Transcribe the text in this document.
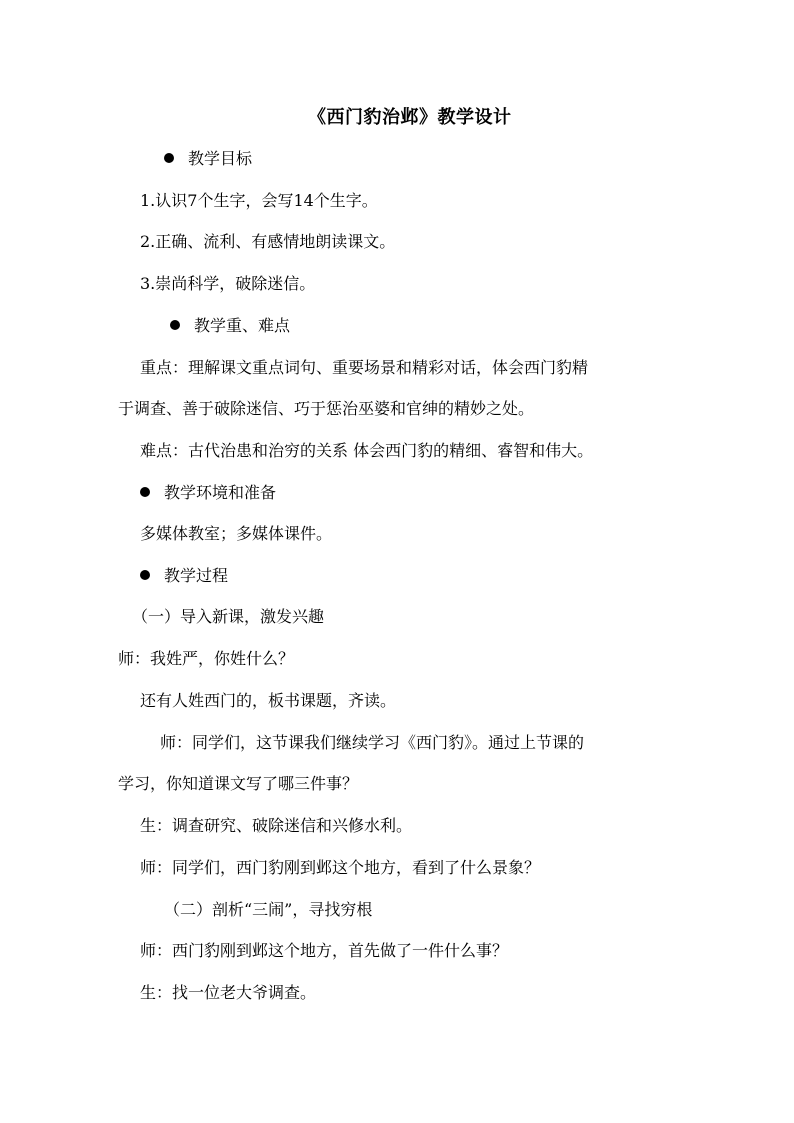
《西门豹治邺》教学设计
教学目标
1.认识7个生字，会写14个生字。
2.正确、流利、有感情地朗读课文。
3.崇尚科学，破除迷信。
教学重、难点
重点：理解课文重点词句、重要场景和精彩对话，体会西门豹精
于调查、善于破除迷信、巧于惩治巫婆和官绅的精妙之处。
难点：古代治患和治穷的关系 体会西门豹的精细、睿智和伟大。
教学环境和准备
多媒体教室；多媒体课件。
教学过程
（一）导入新课，激发兴趣
师：我姓严，你姓什么？
还有人姓西门的，板书课题，齐读。
师：同学们，这节课我们继续学习《西门豹》。通过上节课的
学习，你知道课文写了哪三件事？
生：调查研究、破除迷信和兴修水利。
师：同学们，西门豹刚到邺这个地方，看到了什么景象？
（二）剖析“三闹”，寻找穷根
师：西门豹刚到邺这个地方，首先做了一件什么事？
生：找一位老大爷调查。
